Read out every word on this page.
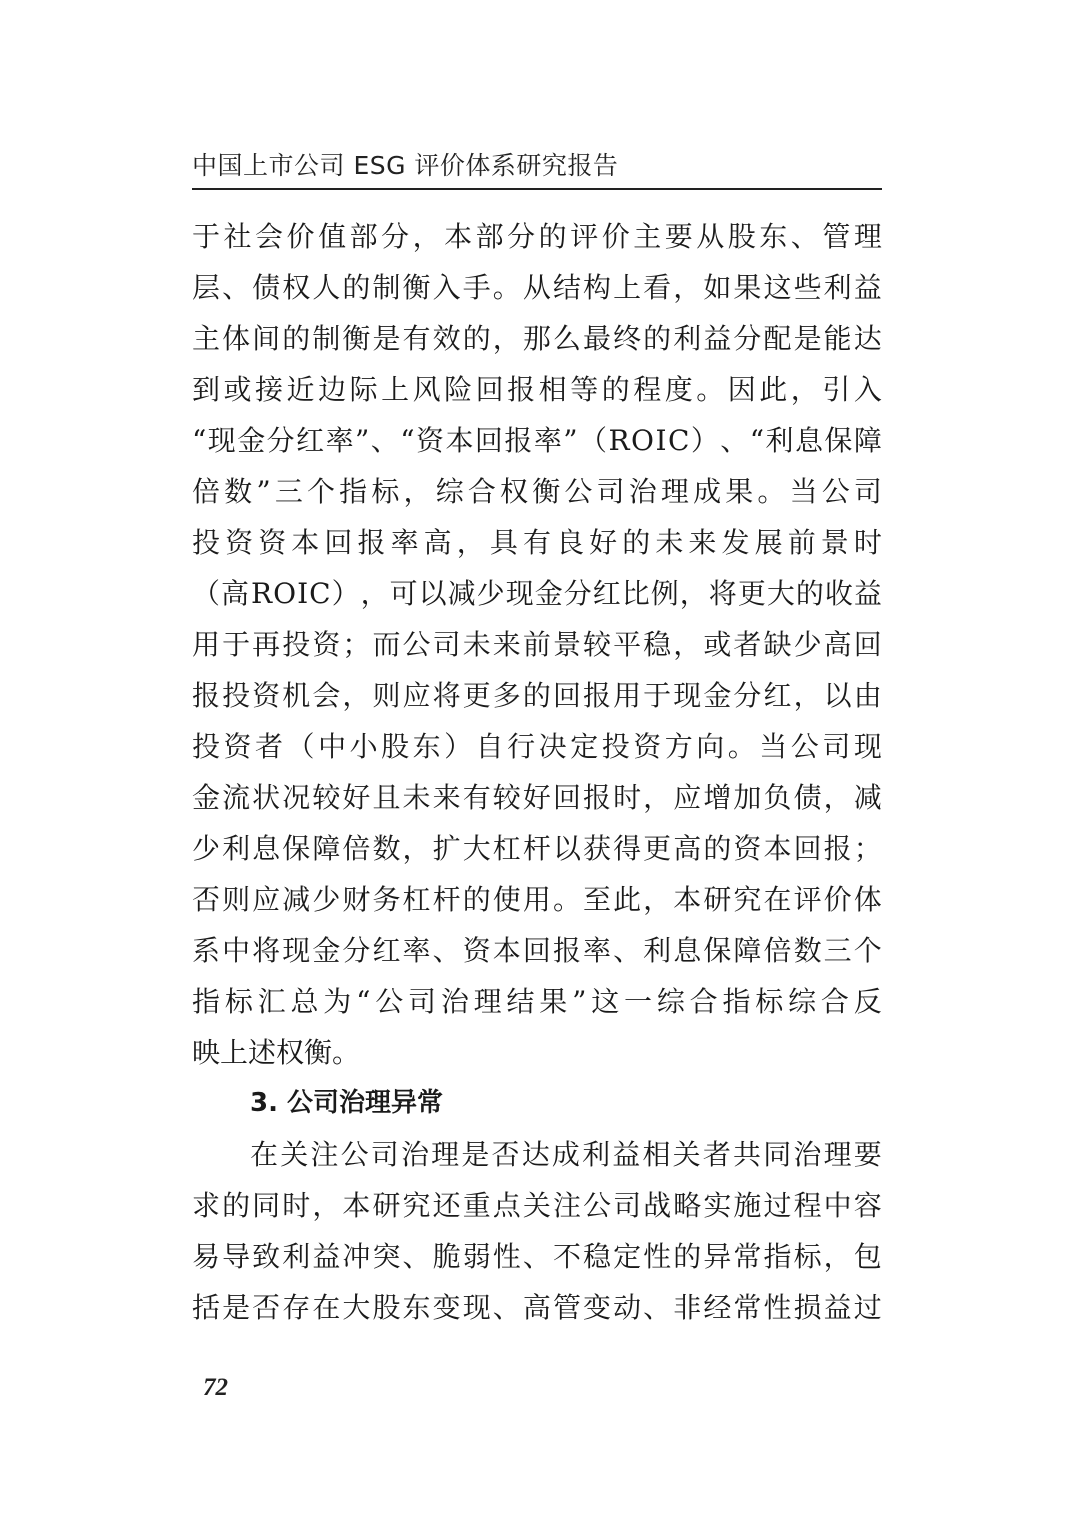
中国上市公司 ESG 评价体系研究报告
于 社 会 价 值 部 分 ， 本 部 分 的 评 价 主 要 从 股 东 、 管 理
层 、 债 权 人 的 制 衡 入 手 。 从 结 构 上 看 ， 如 果 这 些 利 益
主 体 间 的 制 衡 是 有 效 的 ， 那 么 最 终 的 利 益 分 配 是 能 达
到 或 接 近 边 际 上 风 险 回 报 相 等 的 程 度 。 因 此 ， 引 入
“ 现 金 分 红 率 ” 、 “ 资 本 回 报 率 ” （ R O I C ） 、 “ 利 息 保 障
倍 数 ” 三 个 指 标 ， 综 合 权 衡 公 司 治 理 成 果 。 当 公 司
投 资 资 本 回 报 率 高 ， 具 有 良 好 的 未 来 发 展 前 景 时
（ 高 R O I C ） ， 可 以 减 少 现 金 分 红 比 例 ， 将 更 大 的 收 益
用 于 再 投 资 ； 而 公 司 未 来 前 景 较 平 稳 ， 或 者 缺 少 高 回
报 投 资 机 会 ， 则 应 将 更 多 的 回 报 用 于 现 金 分 红 ， 以 由
投 资 者 （ 中 小 股 东 ） 自 行 决 定 投 资 方 向 。 当 公 司 现
金 流 状 况 较 好 且 未 来 有 较 好 回 报 时 ， 应 增 加 负 债 ， 减
少 利 息 保 障 倍 数 ， 扩 大 杠 杆 以 获 得 更 高 的 资 本 回 报 ；
否 则 应 减 少 财 务 杠 杆 的 使 用 。 至 此 ， 本 研 究 在 评 价 体
系 中 将 现 金 分 红 率 、 资 本 回 报 率 、 利 息 保 障 倍 数 三 个
指 标 汇 总 为 “ 公 司 治 理 结 果 ” 这 一 综 合 指 标 综 合 反
映上述权衡。
3. 公司治理异常
在 关 注 公 司 治 理 是 否 达 成 利 益 相 关 者 共 同 治 理 要
求 的 同 时 ， 本 研 究 还 重 点 关 注 公 司 战 略 实 施 过 程 中 容
易 导 致 利 益 冲 突 、 脆 弱 性 、 不 稳 定 性 的 异 常 指 标 ， 包
括 是 否 存 在 大 股 东 变 现 、 高 管 变 动 、 非 经 常 性 损 益 过
72
